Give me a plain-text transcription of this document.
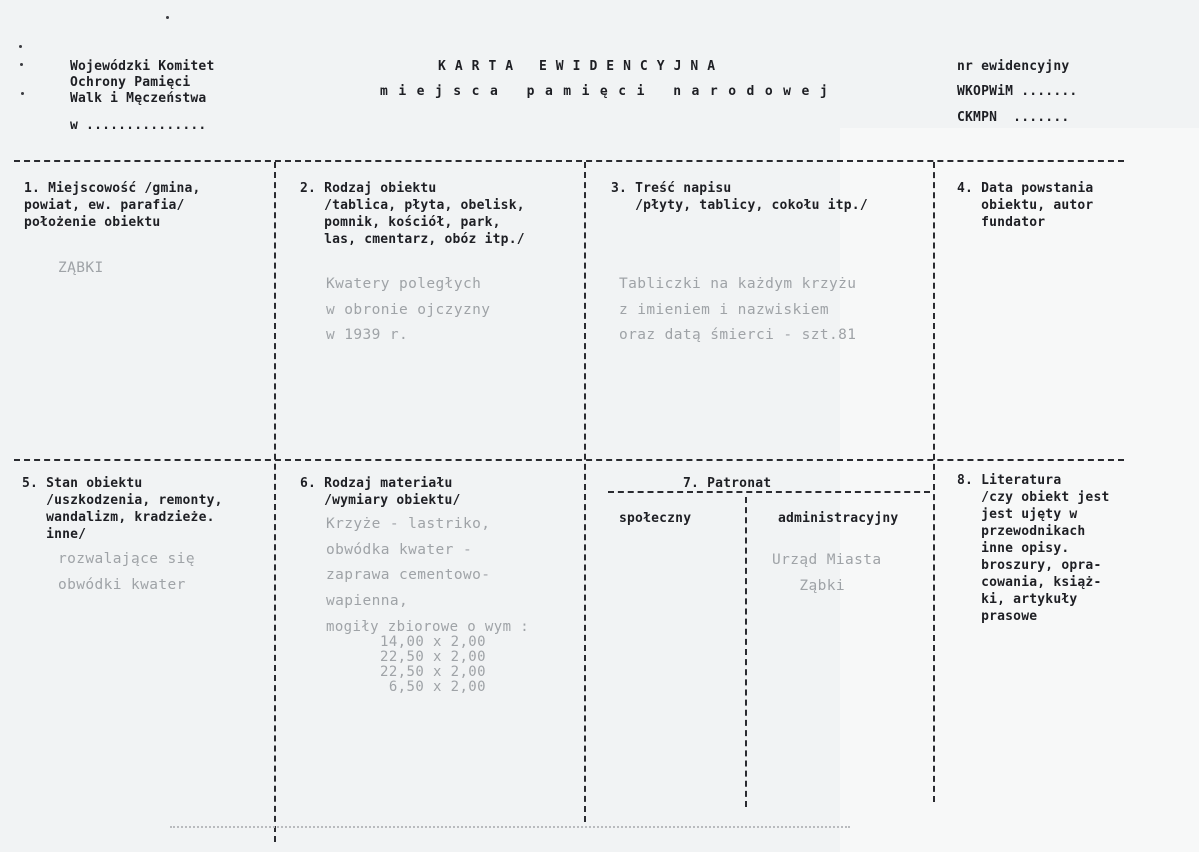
Wojewódzki Komitet
Ochrony Pamięci
Walk i Męczeństwa
w ...............
KARTA EWIDENCYJNA
miejsca pamięci narodowej
nr ewidencyjny
WKOPWiM .......
CKMPN  .......
1. Miejscowość /gmina,
powiat, ew. parafia/
położenie obiektu
ZĄBKI
2. Rodzaj obiektu
/tablica, płyta, obelisk,
pomnik, kościół, park,
las, cmentarz, obóz itp./
Kwatery poległych
w obronie ojczyzny
w 1939 r.
3. Treść napisu
/płyty, tablicy, cokołu itp./
Tabliczki na każdym krzyżu
z imieniem i nazwiskiem
oraz datą śmierci - szt.81
4. Data powstania
obiektu, autor
fundator
5. Stan obiektu
/uszkodzenia, remonty,
wandalizm, kradzieże.
inne/
rozwalające się
obwódki kwater
6. Rodzaj materiału
/wymiary obiektu/
Krzyże - lastriko,
obwódka kwater -
zaprawa cementowo-
wapienna,
mogiły zbiorowe o wym :
14,00 x 2,00
22,50 x 2,00
22,50 x 2,00
6,50 x 2,00
7. Patronat
społeczny	administracyjny
Urząd Miasta
Ząbki
8. Literatura
/czy obiekt jest
jest ujęty w
przewodnikach
inne opisy.
broszury, opra-
cowania, książ-
ki, artykuły
prasowe
